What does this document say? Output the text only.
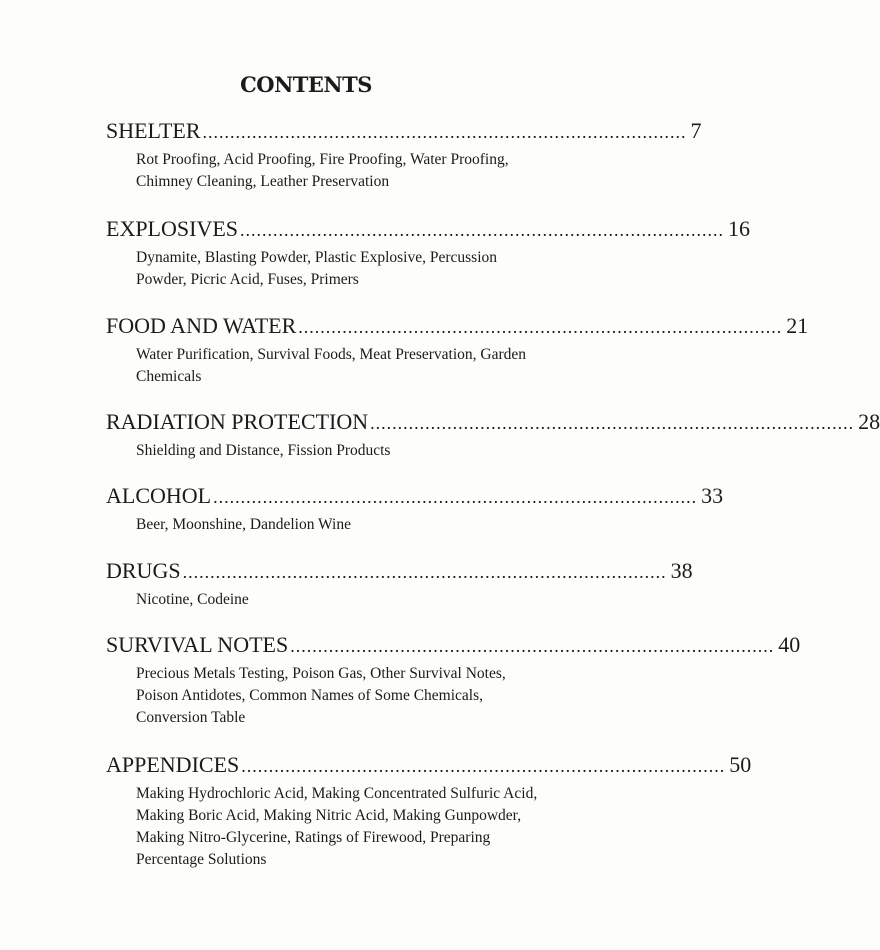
CONTENTS
SHELTER ........................................................................................ 7
Rot Proofing, Acid Proofing, Fire Proofing, Water Proofing, Chimney Cleaning, Leather Preservation
EXPLOSIVES ........................................................................................ 16
Dynamite, Blasting Powder, Plastic Explosive, Percussion Powder, Picric Acid, Fuses, Primers
FOOD AND WATER ........................................................................................ 21
Water Purification, Survival Foods, Meat Preservation, Garden Chemicals
RADIATION PROTECTION ........................................................................................ 28
Shielding and Distance, Fission Products
ALCOHOL ........................................................................................ 33
Beer, Moonshine, Dandelion Wine
DRUGS ........................................................................................ 38
Nicotine, Codeine
SURVIVAL NOTES ........................................................................................ 40
Precious Metals Testing, Poison Gas, Other Survival Notes, Poison Antidotes, Common Names of Some Chemicals, Conversion Table
APPENDICES ........................................................................................ 50
Making Hydrochloric Acid, Making Concentrated Sulfuric Acid, Making Boric Acid, Making Nitric Acid, Making Gunpowder, Making Nitro-Glycerine, Ratings of Firewood, Preparing Percentage Solutions
